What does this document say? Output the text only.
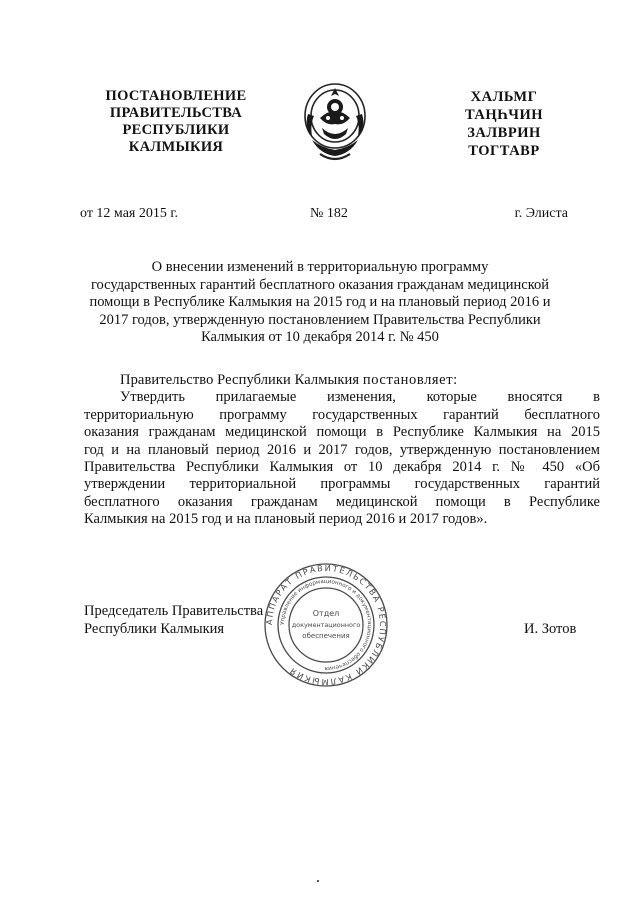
ПОСТАНОВЛЕНИЕ
ПРАВИТЕЛЬСТВА
РЕСПУБЛИКИ
КАЛМЫКИЯ
ХАЛЬМГ
ТАҢҺЧИН
ЗАЛВРИН
ТОГТАВР
от 12 мая 2015 г.	№ 182	г. Элиста
О внесении изменений в территориальную программу
государственных гарантий бесплатного оказания гражданам медицинской
помощи в Республике Калмыкия на 2015 год и на плановый период 2016 и
2017 годов, утвержденную постановлением Правительства Республики
Калмыкия от 10 декабря 2014 г. № 450
Правительство Республики Калмыкия постановляет:
Утвердить прилагаемые изменения, которые вносятся в
территориальную программу государственных гарантий бесплатного
оказания гражданам медицинской помощи в Республике Калмыкия на 2015
год и на плановый период 2016 и 2017 годов, утвержденную постановлением
Правительства Республики Калмыкия от 10 декабря 2014 г. № 450 «Об
утверждении территориальной программы государственных гарантий
бесплатного оказания гражданам медицинской помощи в Республике
Калмыкия на 2015 год и на плановый период 2016 и 2017 годов».
Председатель Правительства
Республики Калмыкия	АППАРАТ ПРАВИТЕЛЬСТВА РЕСПУБЛИКИ КАЛМЫКИЯ
Управление информационного и документационного обеспечения
Отдел
документационного
обеспечения	И. Зотов
